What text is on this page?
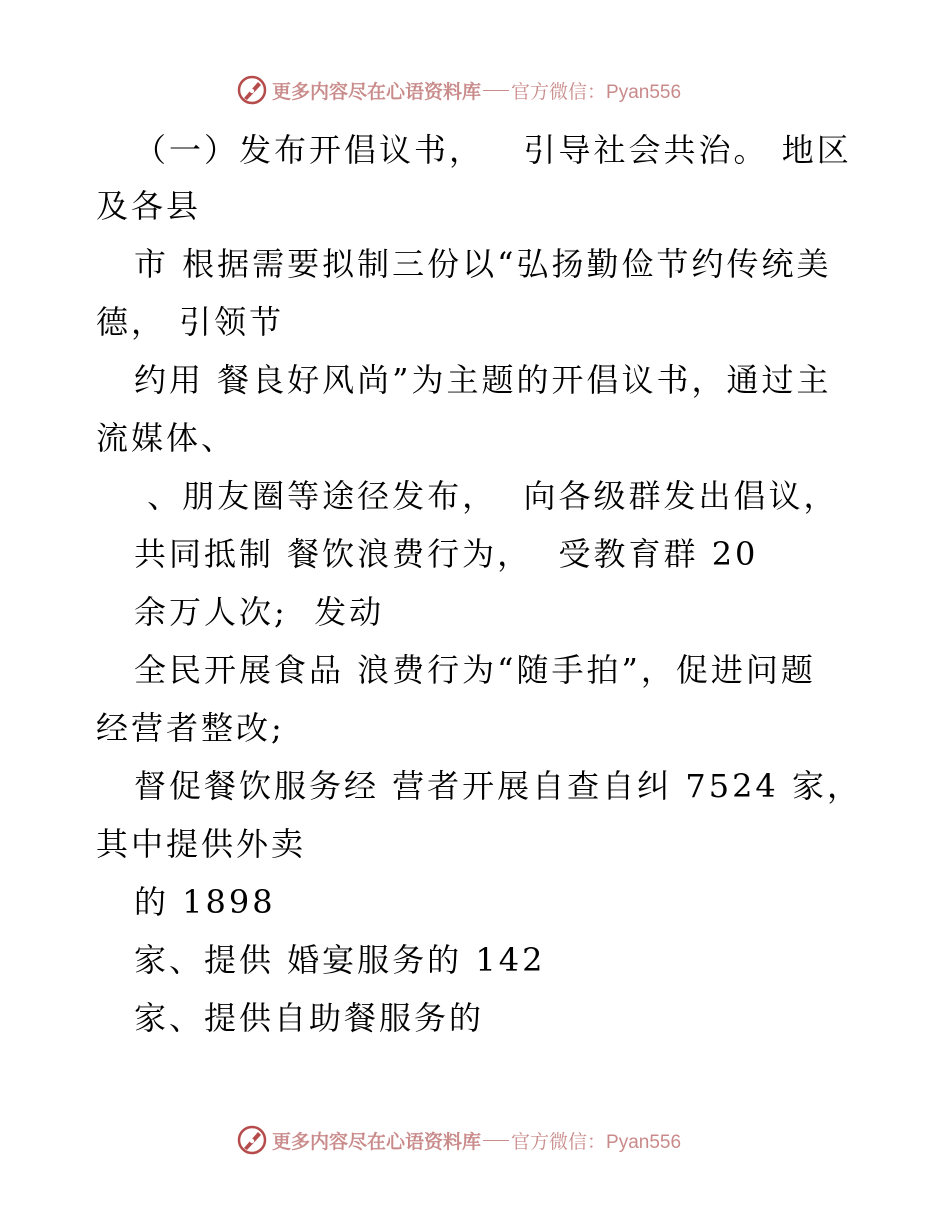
更多内容尽在心语资料库 官方微信：Pyan556
（一）发布开倡议书，   引导社会共治。 地区
及各县
市 根据需要拟制三份以“弘扬勤俭节约传统美
德， 引领节
约用 餐良好风尚”为主题的开倡议书，通过主
流媒体、
、朋友圈等途径发布，  向各级群发出倡议，
共同抵制 餐饮浪费行为，  受教育群 20
余万人次;  发动
全民开展食品 浪费行为“随手拍”，促进问题
经营者整改;
督促餐饮服务经 营者开展自查自纠 7524 家，
其中提供外卖
的 1898
家、提供 婚宴服务的 142
家、提供自助餐服务的
更多内容尽在心语资料库 官方微信：Pyan556
